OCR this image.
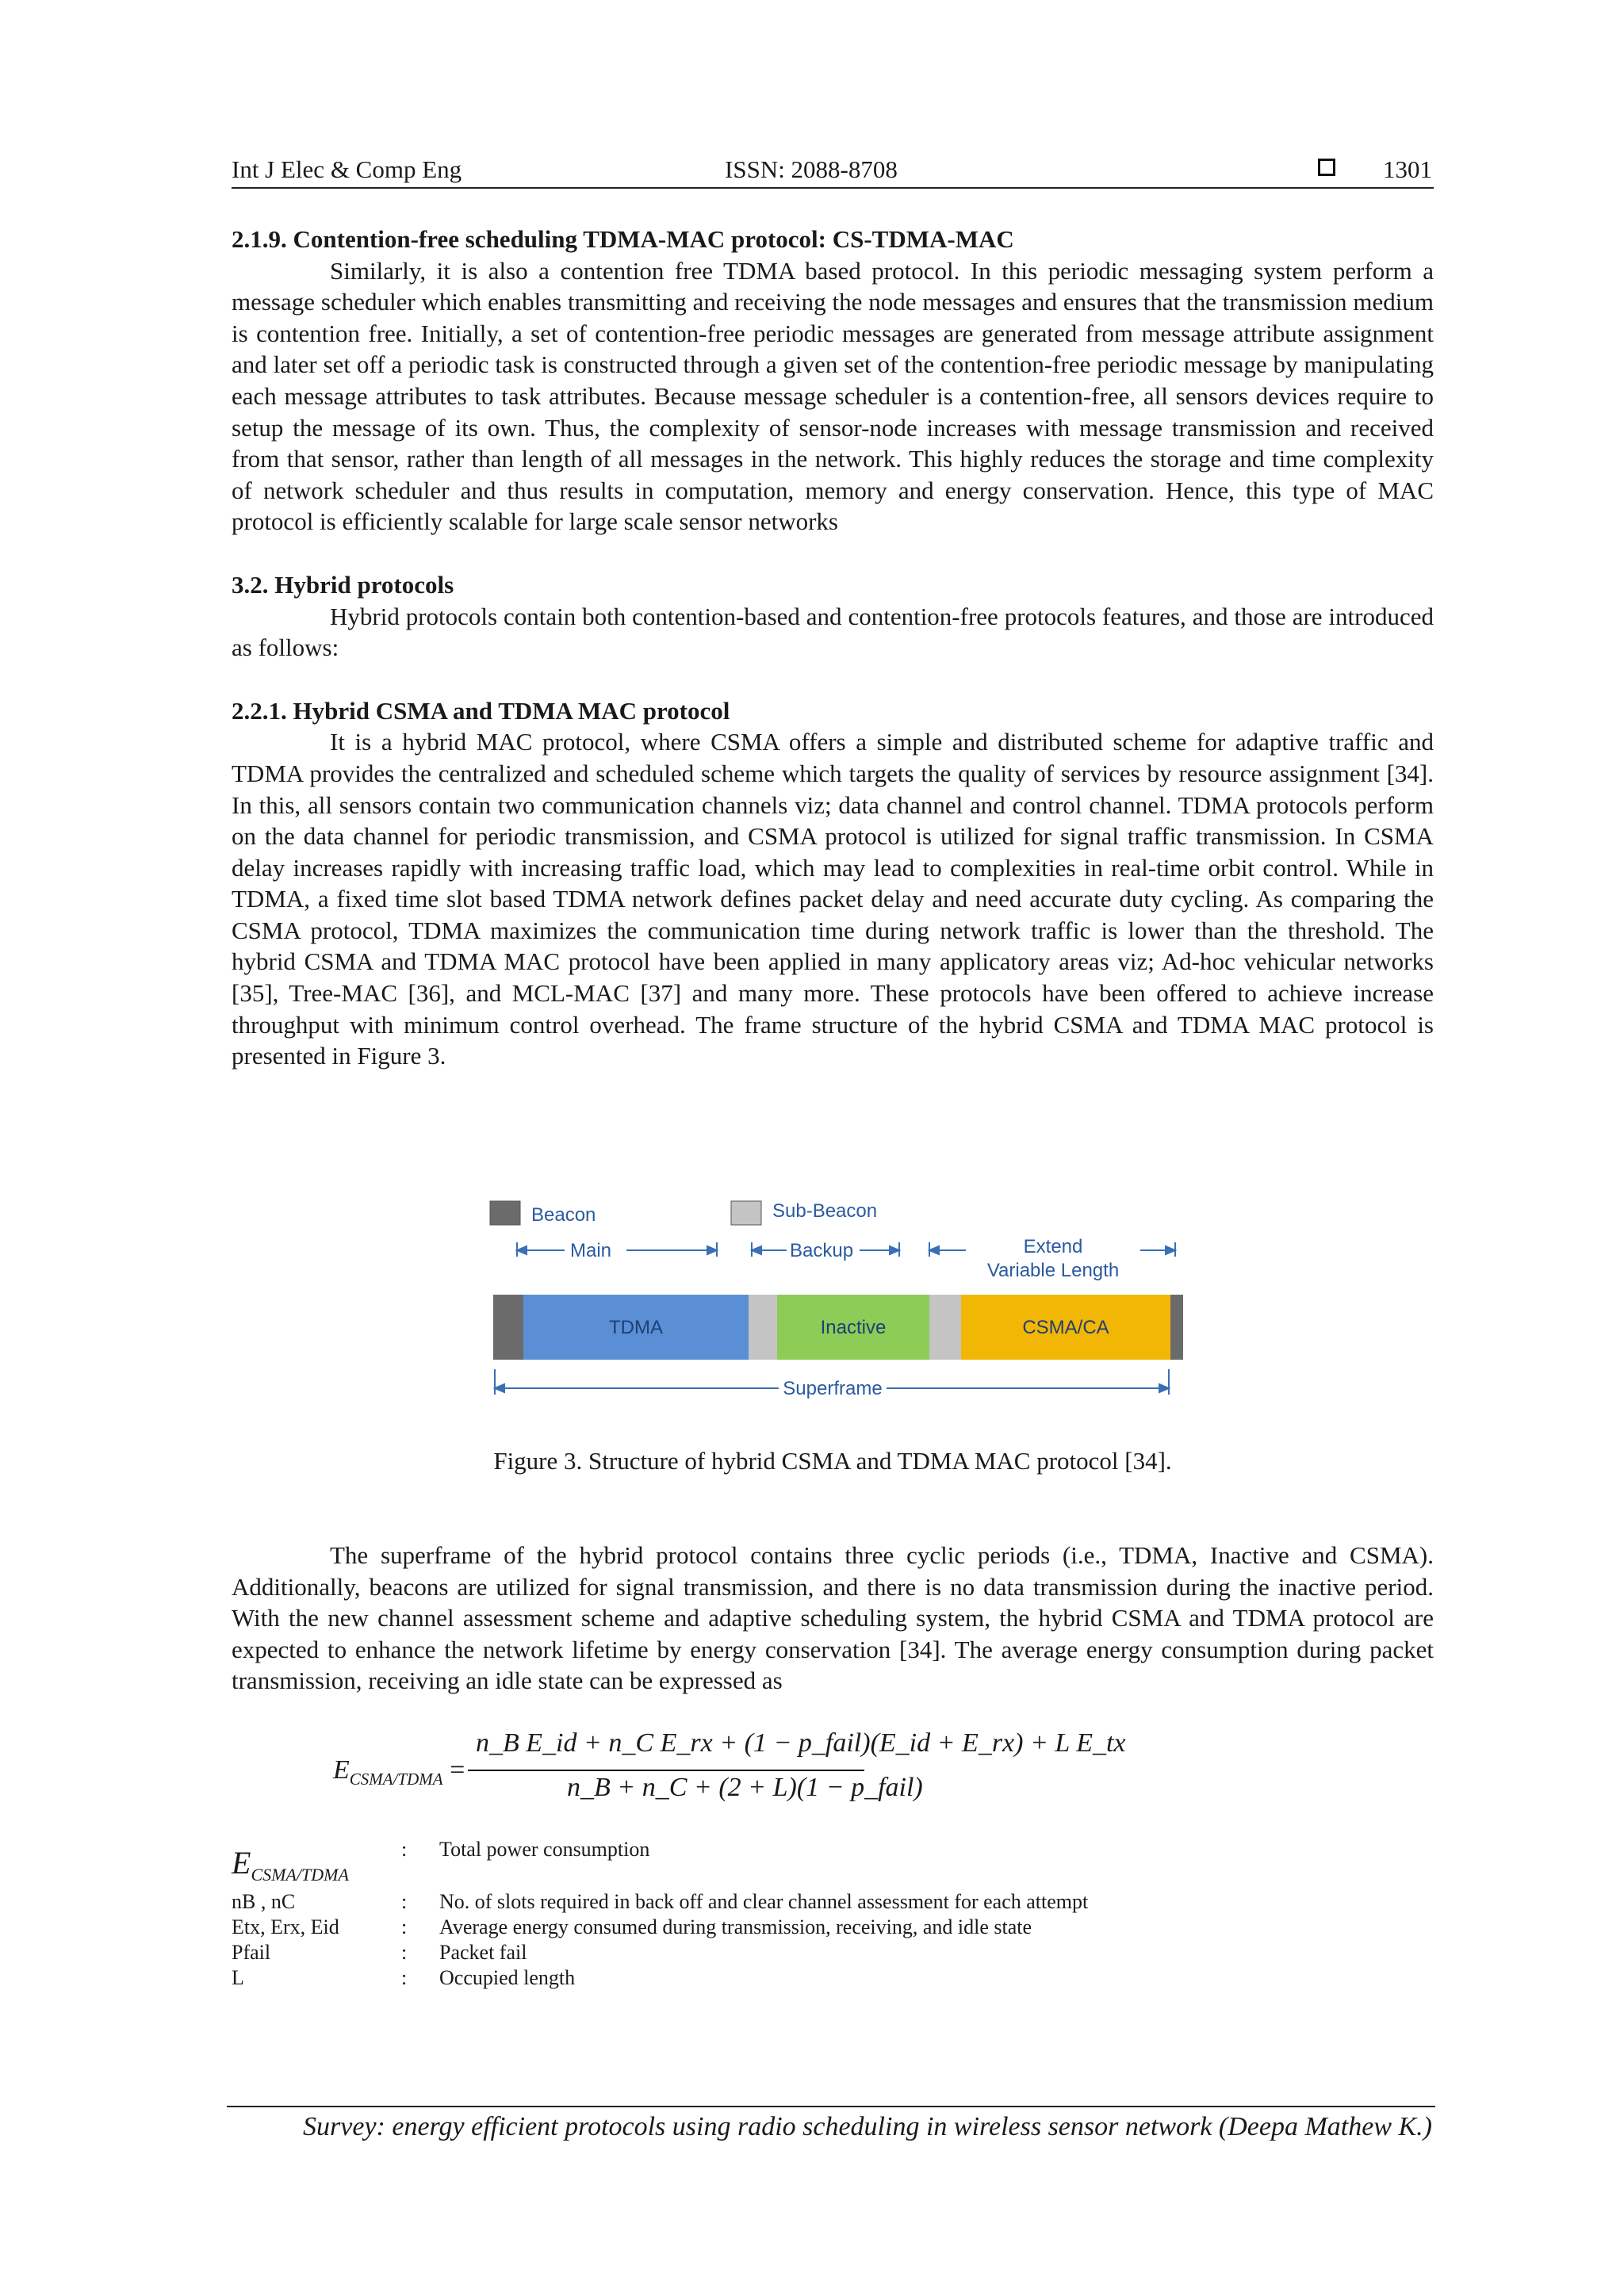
Int J Elec & Comp Eng	ISSN: 2088-8708	1301
2.1.9. Contention-free scheduling TDMA-MAC protocol: CS-TDMA-MAC

Similarly, it is also a contention free TDMA based protocol. In this periodic messaging system perform a message scheduler which enables transmitting and receiving the node messages and ensures that the transmission medium is contention free. Initially, a set of contention-free periodic messages are generated from message attribute assignment and later set off a periodic task is constructed through a given set of the contention-free periodic message by manipulating each message attributes to task attributes. Because message scheduler is a contention-free, all sensors devices require to setup the message of its own. Thus, the complexity of sensor-node increases with message transmission and received from that sensor, rather than length of all messages in the network. This highly reduces the storage and time complexity of network scheduler and thus results in computation, memory and energy conservation. Hence, this type of MAC protocol is efficiently scalable for large scale sensor networks

3.2. Hybrid protocols

Hybrid protocols contain both contention-based and contention-free protocols features, and those are introduced as follows:

2.2.1. Hybrid CSMA and TDMA MAC protocol

It is a hybrid MAC protocol, where CSMA offers a simple and distributed scheme for adaptive traffic and TDMA provides the centralized and scheduled scheme which targets the quality of services by resource assignment [34]. In this, all sensors contain two communication channels viz; data channel and control channel. TDMA protocols perform on the data channel for periodic transmission, and CSMA protocol is utilized for signal traffic transmission. In CSMA delay increases rapidly with increasing traffic load, which may lead to complexities in real-time orbit control. While in TDMA, a fixed time slot based TDMA network defines packet delay and need accurate duty cycling. As comparing the CSMA protocol, TDMA maximizes the communication time during network traffic is lower than the threshold. The hybrid CSMA and TDMA MAC protocol have been applied in many applicatory areas viz; Ad-hoc vehicular networks [35], Tree-MAC [36], and MCL-MAC [37] and many more. These protocols have been offered to achieve increase throughput with minimum control overhead. The frame structure of the hybrid CSMA and TDMA MAC protocol is presented in Figure 3.

Beacon	Sub-Beacon
Main	Backup	Extend
Variable Length
TDMA	Inactive	CSMA/CA
Superframe
Figure 3. Structure of hybrid CSMA and TDMA MAC protocol [34].

The superframe of the hybrid protocol contains three cyclic periods (i.e., TDMA, Inactive and CSMA). Additionally, beacons are utilized for signal transmission, and there is no data transmission during the inactive period. With the new channel assessment scheme and adaptive scheduling system, the hybrid CSMA and TDMA protocol are expected to enhance the network lifetime by energy conservation [34]. The average energy consumption during packet transmission, receiving an idle state can be expressed as

$E_{CSMA/TDMA}$ =
n_B E_id + n_C E_rx + (1 − p_fail)(E_id + E_rx) + L E_tx
n_B + n_C + (2 + L)(1 − p_fail)
$E_{CSMA/TDMA}$
: Total power consumption
nB , nC	: No. of slots required in back off and clear channel assessment for each attempt
Etx, Erx, Eid	: Average energy consumed during transmission, receiving, and idle state
Pfail	: Packet fail
L	: Occupied length
Survey: energy efficient protocols using radio scheduling in wireless sensor network (Deepa Mathew K.)
